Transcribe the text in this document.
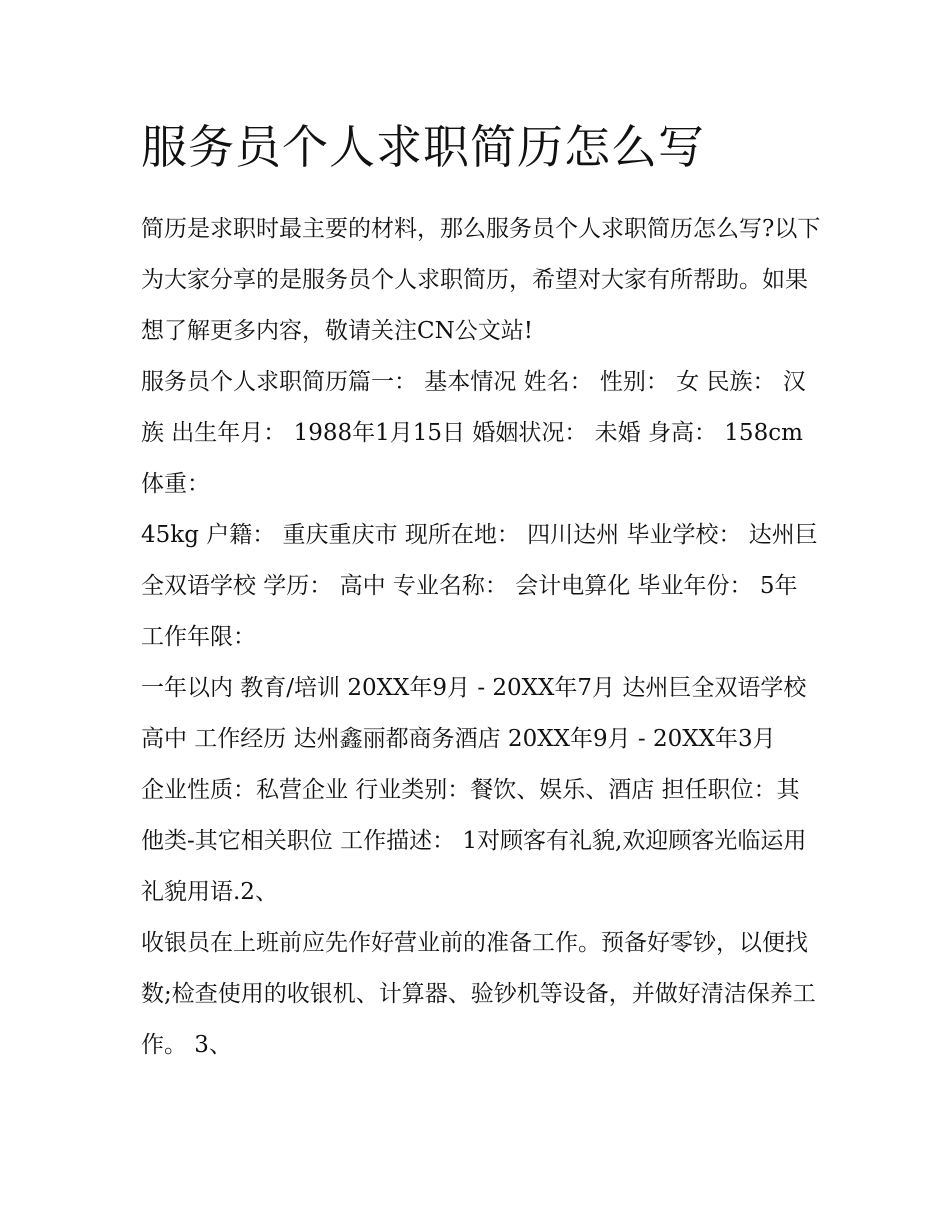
服务员个人求职简历怎么写

简历是求职时最主要的材料，那么服务员个人求职简历怎么写?以下为大家分享的是服务员个人求职简历，希望对大家有所帮助。如果想了解更多内容，敬请关注CN公文站!

服务员个人求职简历篇一： 基本情况 姓名： 性别： 女 民族： 汉族 出生年月： 1988年1月15日 婚姻状况： 未婚 身高： 158cm 体重：

45kg 户籍： 重庆重庆市 现所在地： 四川达州 毕业学校： 达州巨全双语学校 学历： 高中 专业名称： 会计电算化 毕业年份： 5年 工作年限：

一年以内 教育/培训 20XX年9月 - 20XX年7月 达州巨全双语学校高中 工作经历 达州鑫丽都商务酒店 20XX年9月 - 20XX年3月

企业性质：私营企业 行业类别：餐饮、娱乐、酒店 担任职位：其他类-其它相关职位 工作描述： 1对顾客有礼貌,欢迎顾客光临运用礼貌用语.2、

收银员在上班前应先作好营业前的准备工作。预备好零钞，以便找数;检查使用的收银机、计算器、验钞机等设备，并做好清洁保养工作。 3、
